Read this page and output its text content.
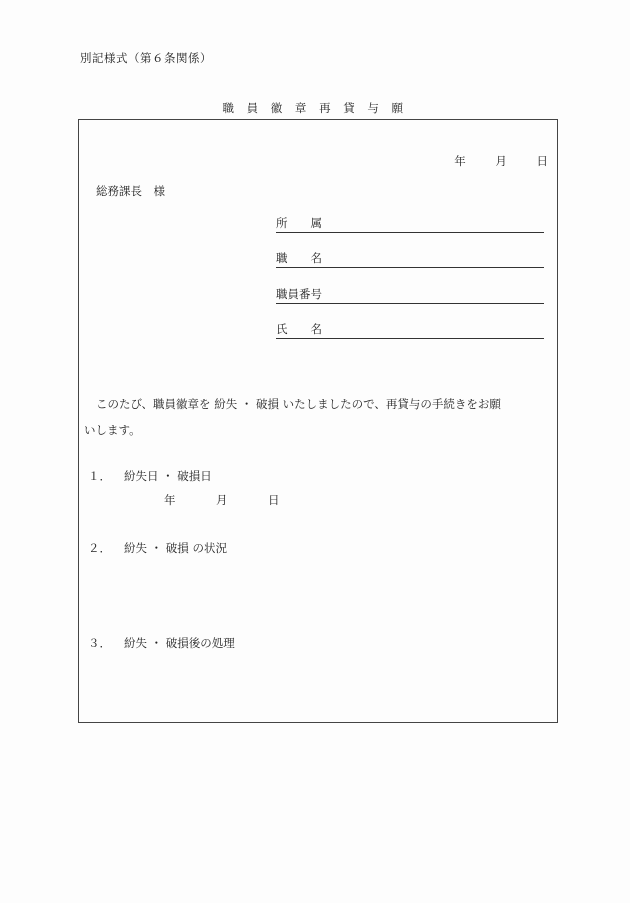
別記様式（第６条関係）
職 員 徽 章 再 貸 与 願
年	月	日
総務課長　様
所　　属
職　　名
職員番号
氏　　名
このたび、職員徽章を 紛失 ・ 破損 いたしましたので、再貸与の手続きをお願
いします。
１． 紛失日 ・ 破損日
年	月	日
２． 紛失 ・ 破損 の状況
３． 紛失 ・ 破損後の処理
